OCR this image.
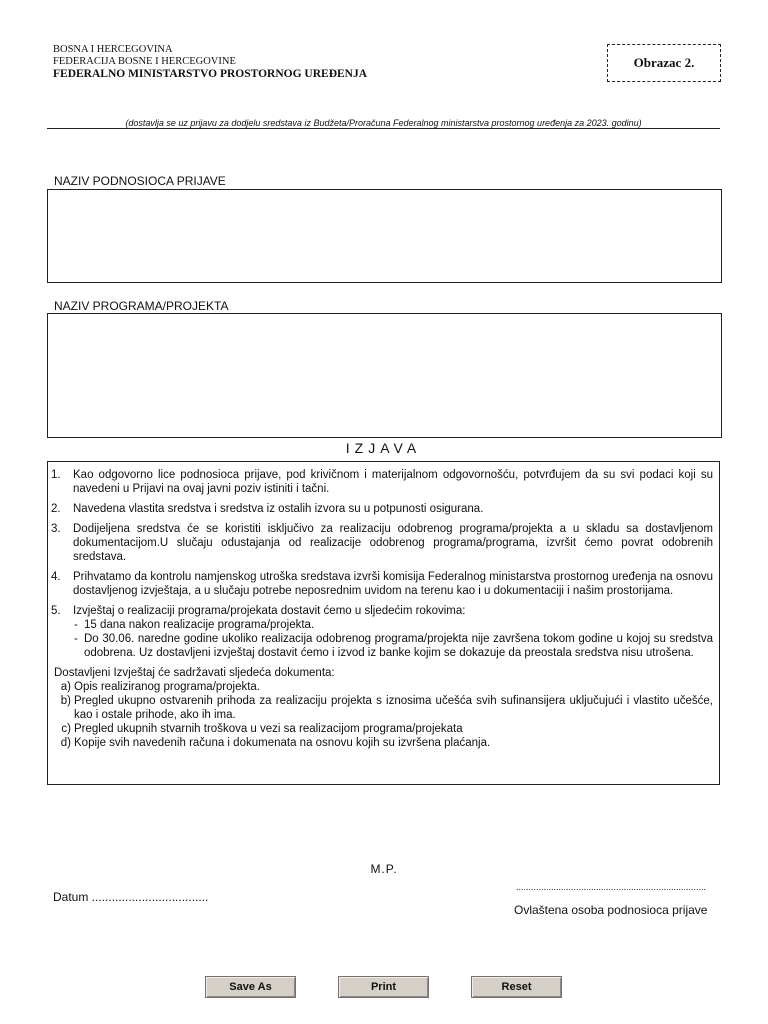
BOSNA I HERCEGOVINA
FEDERACIJA BOSNE I HERCEGOVINE
FEDERALNO MINISTARSTVO PROSTORNOG UREĐENJA
Obrazac 2.
(dostavlja se uz prijavu za dodjelu sredstava iz Budžeta/Proračuna Federalnog ministarstva prostornog uređenja za 2023. godinu)
NAZIV PODNOSIOCA PRIJAVE
NAZIV PROGRAMA/PROJEKTA
IZJAVA
1.	Kao odgovorno lice podnosioca prijave, pod krivičnom i materijalnom odgovornošću, potvrđujem da su svi podaci koji su navedeni u Prijavi na ovaj javni poziv istiniti i tačni.
2.	Navedena vlastita sredstva i sredstva iz ostalih izvora su u potpunosti osigurana.
3.	Dodijeljena sredstva će se koristiti isključivo za realizaciju odobrenog programa/projekta a u skladu sa dostavljenom dokumentacijom.U slučaju odustajanja od realizacije odobrenog programa/programa, izvršit ćemo povrat odobrenih sredstava.
4.	Prihvatamo da kontrolu namjenskog utroška sredstava izvrši komisija Federalnog ministarstva prostornog uređenja na osnovu dostavljenog izvještaja, a u slučaju potrebe neposrednim uvidom na terenu kao i u dokumentaciji i našim prostorijama.
5.	Izvještaj o realizaciji programa/projekata dostavit ćemo u sljedećim rokovima:
- 15 dana nakon realizacije programa/projekta.
- Do 30.06. naredne godine ukoliko realizacija odobrenog programa/projekta nije završena tokom godine u kojoj su sredstva odobrena. Uz dostavljeni izvještaj dostavit ćemo i izvod iz banke kojim se dokazuje da preostala sredstva nisu utrošena.
Dostavljeni Izvještaj će sadržavati sljedeća dokumenta:
a) Opis realiziranog programa/projekta.
b) Pregled ukupno ostvarenih prihoda za realizaciju projekta s iznosima učešća svih sufinansijera uključujući i vlastito učešće, kao i ostale prihode, ako ih ima.
c) Pregled ukupnih stvarnih troškova u vezi sa realizacijom programa/projekata
d) Kopije svih navedenih računa i dokumenata na osnovu kojih su izvršena plaćanja.
M.P.
Datum ...................................
............................................................................
Ovlaštena osoba podnosioca prijave
Save As	Print	Reset
